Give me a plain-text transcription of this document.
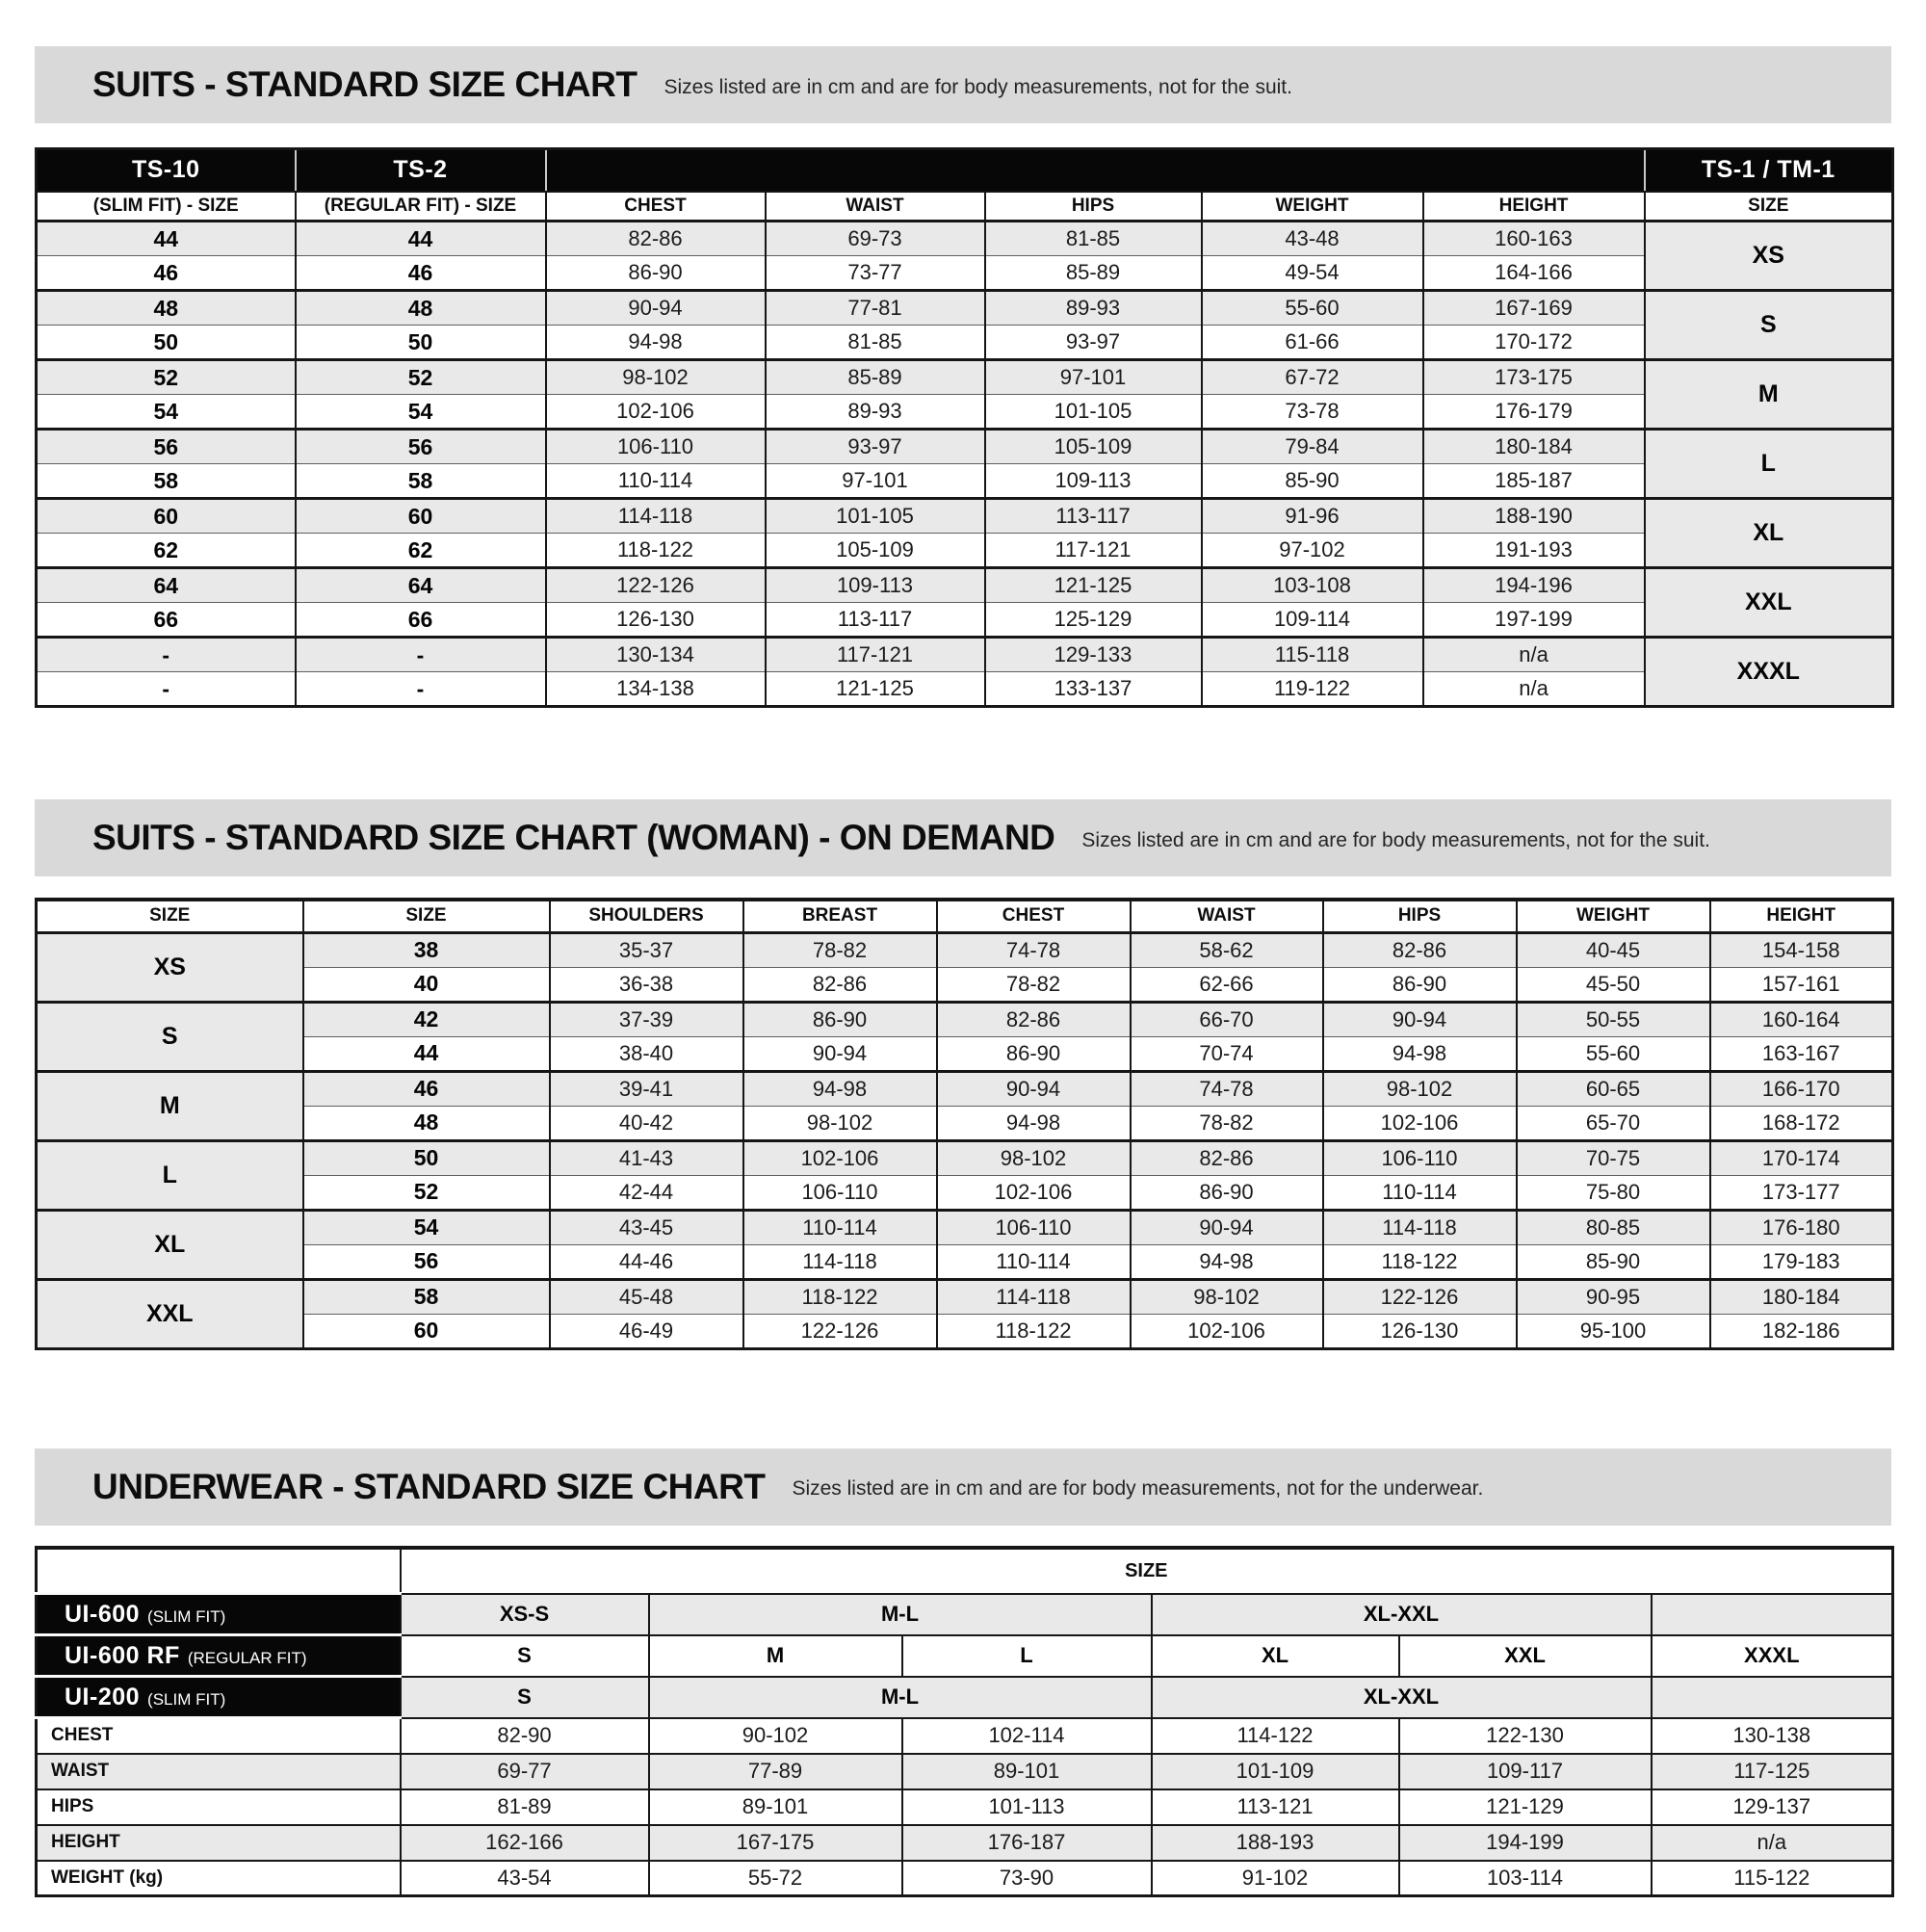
SUITS - STANDARD SIZE CHART Sizes listed are in cm and are for body measurements, not for the suit.
TS-10	TS-2						TS-1 / TM-1
(SLIM FIT) - SIZE	(REGULAR FIT) - SIZE	CHEST	WAIST	HIPS	WEIGHT	HEIGHT	SIZE
44	44	82-86	69-73	81-85	43-48	160-163	XS
46	46	86-90	73-77	85-89	49-54	164-166	
48	48	90-94	77-81	89-93	55-60	167-169	S
50	50	94-98	81-85	93-97	61-66	170-172	
52	52	98-102	85-89	97-101	67-72	173-175	M
54	54	102-106	89-93	101-105	73-78	176-179	
56	56	106-110	93-97	105-109	79-84	180-184	L
58	58	110-114	97-101	109-113	85-90	185-187	
60	60	114-118	101-105	113-117	91-96	188-190	XL
62	62	118-122	105-109	117-121	97-102	191-193	
64	64	122-126	109-113	121-125	103-108	194-196	XXL
66	66	126-130	113-117	125-129	109-114	197-199	
-	-	130-134	117-121	129-133	115-118	n/a	XXXL
-	-	134-138	121-125	133-137	119-122	n/a	
SUITS - STANDARD SIZE CHART (WOMAN) - ON DEMAND Sizes listed are in cm and are for body measurements, not for the suit.
SIZE	SIZE	SHOULDERS	BREAST	CHEST	WAIST	HIPS	WEIGHT	HEIGHT
XS	38	35-37	78-82	74-78	58-62	82-86	40-45	154-158
	40	36-38	82-86	78-82	62-66	86-90	45-50	157-161
S	42	37-39	86-90	82-86	66-70	90-94	50-55	160-164
	44	38-40	90-94	86-90	70-74	94-98	55-60	163-167
M	46	39-41	94-98	90-94	74-78	98-102	60-65	166-170
	48	40-42	98-102	94-98	78-82	102-106	65-70	168-172
L	50	41-43	102-106	98-102	82-86	106-110	70-75	170-174
	52	42-44	106-110	102-106	86-90	110-114	75-80	173-177
XL	54	43-45	110-114	106-110	90-94	114-118	80-85	176-180
	56	44-46	114-118	110-114	94-98	118-122	85-90	179-183
XXL	58	45-48	118-122	114-118	98-102	122-126	90-95	180-184
	60	46-49	122-126	118-122	102-106	126-130	95-100	182-186
UNDERWEAR - STANDARD SIZE CHART Sizes listed are in cm and are for body measurements, not for the underwear.
	SIZE					
UI-600 (SLIM FIT)	XS-S	M-L		XL-XXL		
UI-600 RF (REGULAR FIT)	S	M	L	XL	XXL	XXXL
UI-200 (SLIM FIT)	S	M-L		XL-XXL		
CHEST	82-90	90-102	102-114	114-122	122-130	130-138
WAIST	69-77	77-89	89-101	101-109	109-117	117-125
HIPS	81-89	89-101	101-113	113-121	121-129	129-137
HEIGHT	162-166	167-175	176-187	188-193	194-199	n/a
WEIGHT (kg)	43-54	55-72	73-90	91-102	103-114	115-122
